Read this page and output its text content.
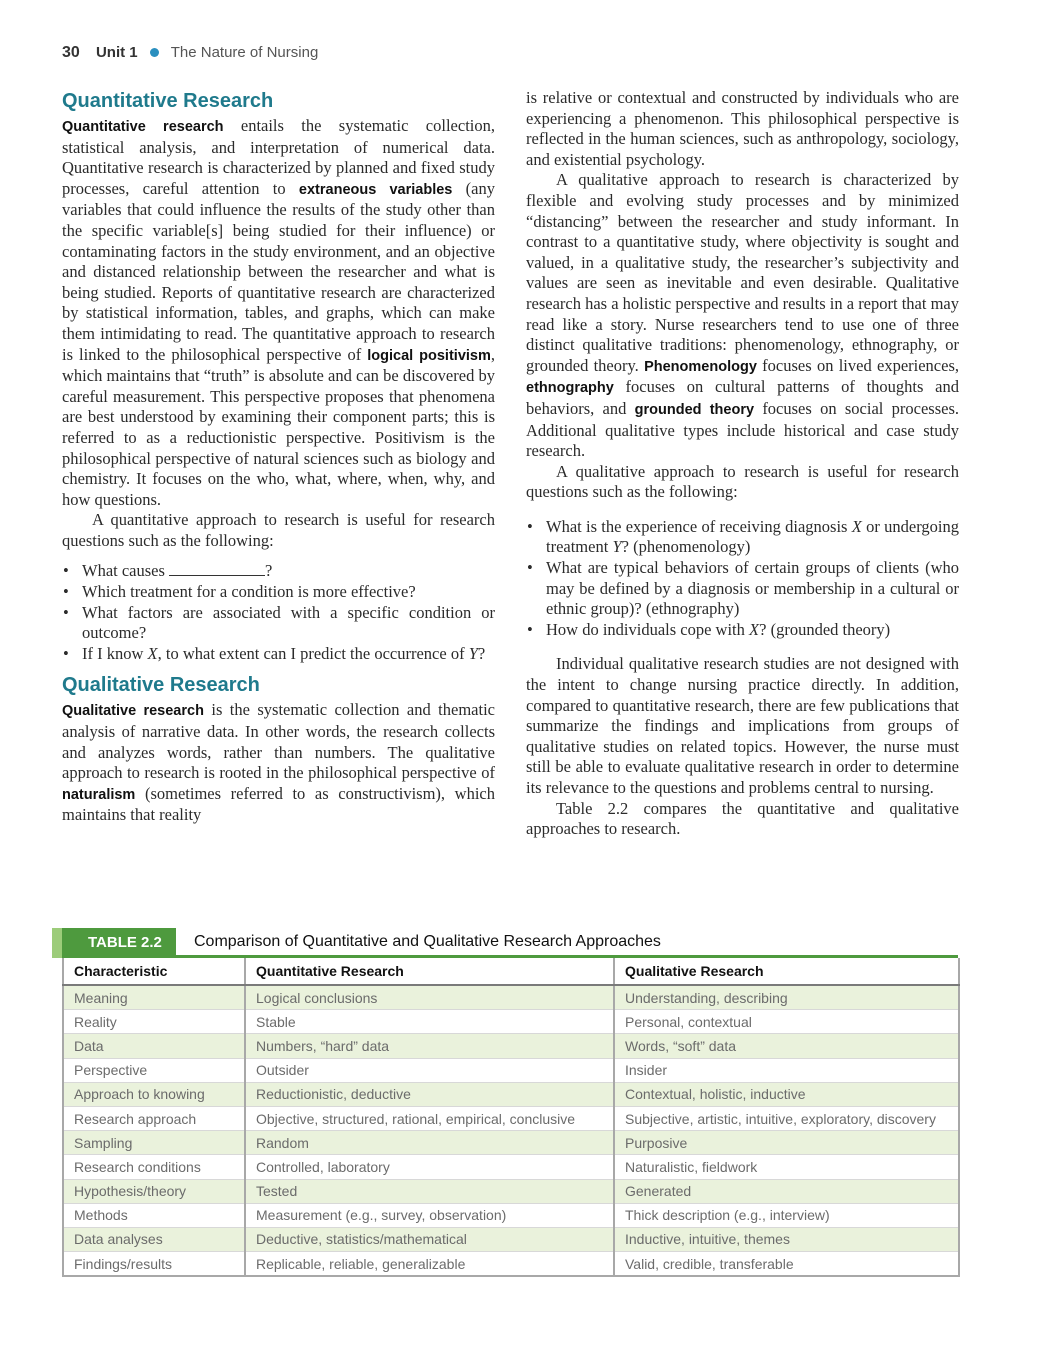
30 Unit 1 The Nature of Nursing
Quantitative Research

Quantitative research entails the systematic collection, statistical analysis, and interpretation of numerical data. Quantitative research is characterized by planned and fixed study processes, careful attention to extraneous variables (any variables that could influence the results of the study other than the specific variable[s] being studied for their influence) or contaminating factors in the study environment, and an objective and distanced relationship between the researcher and what is being studied. Reports of quantitative research are characterized by statistical information, tables, and graphs, which can make them intimidating to read. The quantitative approach to research is linked to the philosophical perspective of logical positivism, which maintains that “truth” is absolute and can be discovered by careful measurement. This perspective proposes that phenomena are best understood by examining their component parts; this is referred to as a reductionistic perspective. Positivism is the philosophical perspective of natural sciences such as biology and chemistry. It focuses on the who, what, where, when, why, and how questions.

A quantitative approach to research is useful for research questions such as the following:

• What causes	?
• Which treatment for a condition is more effective?
• What factors are associated with a specific condition or outcome?
• If I know X, to what extent can I predict the occurrence of Y?
Qualitative Research

Qualitative research is the systematic collection and thematic analysis of narrative data. In other words, the research collects and analyzes words, rather than numbers. The qualitative approach to research is rooted in the philosophical perspective of naturalism (sometimes referred to as constructivism), which maintains that reality

is relative or contextual and constructed by individuals who are experiencing a phenomenon. This philosophical perspective is reflected in the human sciences, such as anthropology, sociology, and existential psychology.

A qualitative approach to research is characterized by flexible and evolving study processes and by minimized “distancing” between the researcher and study informant. In contrast to a quantitative study, where objectivity is sought and valued, in a qualitative study, the researcher’s subjectivity and values are seen as inevitable and even desirable. Qualitative research has a holistic perspective and results in a report that may read like a story. Nurse researchers tend to use one of three distinct qualitative traditions: phenomenology, ethnography, or grounded theory. Phenomenology focuses on lived experiences, ethnography focuses on cultural patterns of thoughts and behaviors, and grounded theory focuses on social processes. Additional qualitative types include historical and case study research.

A qualitative approach to research is useful for research questions such as the following:

• What is the experience of receiving diagnosis X or undergoing treatment Y? (phenomenology)
• What are typical behaviors of certain groups of clients (who may be defined by a diagnosis or membership in a cultural or ethnic group)? (ethnography)
• How do individuals cope with X? (grounded theory)

Individual qualitative research studies are not designed with the intent to change nursing practice directly. In addition, compared to quantitative research, there are few publications that summarize the findings and implications from groups of qualitative studies on related topics. However, the nurse must still be able to evaluate qualitative research in order to determine its relevance to the questions and problems central to nursing.

Table 2.2 compares the quantitative and qualitative approaches to research.

TABLE 2.2	Comparison of Quantitative and Qualitative Research Approaches
Characteristic	Quantitative Research	Qualitative Research
Meaning	Logical conclusions	Understanding, describing
Reality	Stable	Personal, contextual
Data	Numbers, “hard” data	Words, “soft” data
Perspective	Outsider	Insider
Approach to knowing	Reductionistic, deductive	Contextual, holistic, inductive
Research approach	Objective, structured, rational, empirical, conclusive	Subjective, artistic, intuitive, exploratory, discovery
Sampling	Random	Purposive
Research conditions	Controlled, laboratory	Naturalistic, fieldwork
Hypothesis/theory	Tested	Generated
Methods	Measurement (e.g., survey, observation)	Thick description (e.g., interview)
Data analyses	Deductive, statistics/mathematical	Inductive, intuitive, themes
Findings/results	Replicable, reliable, generalizable	Valid, credible, transferable
